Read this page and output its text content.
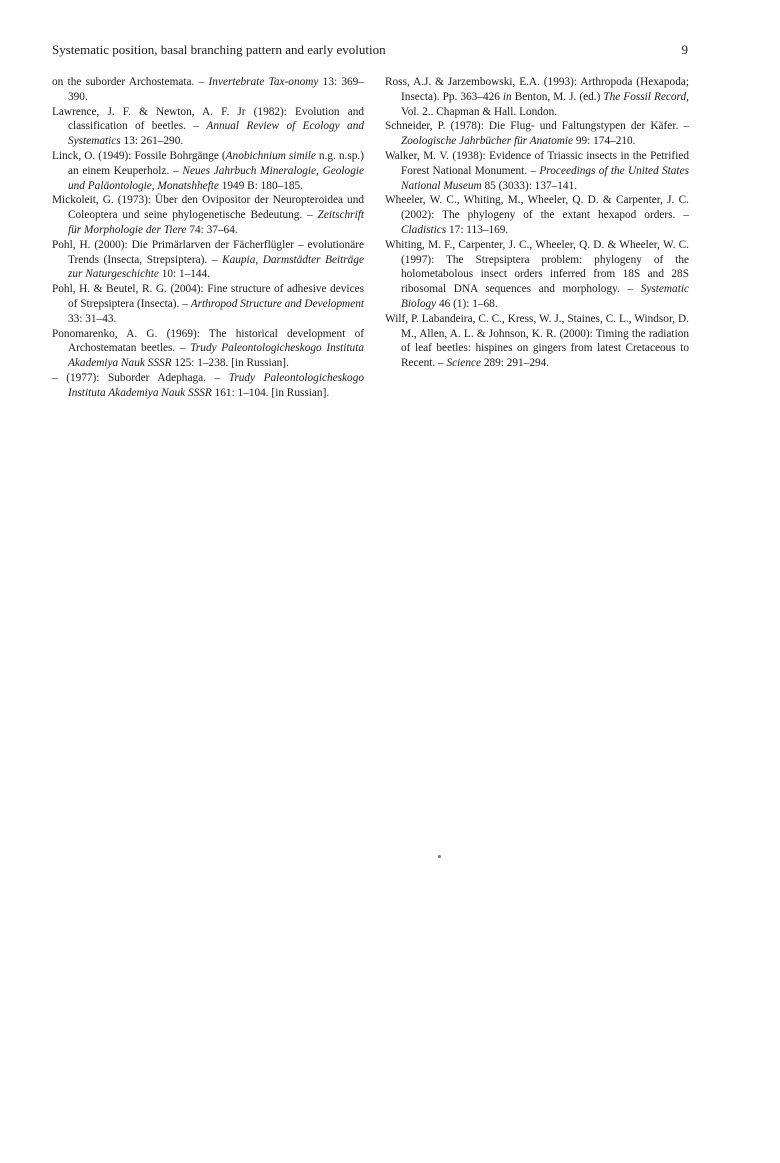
Systematic position, basal branching pattern and early evolution	9

on the suborder Archostemata. – Invertebrate Tax-onomy 13: 369–390.

Lawrence, J. F. & Newton, A. F. Jr (1982): Evolution and classification of beetles. – Annual Review of Ecology and Systematics 13: 261–290.

Linck, O. (1949): Fossile Bohrgänge (Anobichnium simile n.g. n.sp.) an einem Keuperholz. – Neues Jahrbuch Mineralogie, Geologie und Paläontologie, Monatshhefte 1949 B: 180–185.

Mickoleit, G. (1973): Über den Ovipositor der Neuropteroidea und Coleoptera und seine phylogenetische Bedeutung. – Zeitschrift für Morphologie der Tiere 74: 37–64.

Pohl, H. (2000): Die Primärlarven der Fächerflügler – evolutionäre Trends (Insecta, Strepsiptera). – Kaupia, Darmstädter Beiträge zur Naturgeschichte 10: 1–144.

Pohl, H. & Beutel, R. G. (2004): Fine structure of adhesive devices of Strepsiptera (Insecta). – Arthropod Structure and Development 33: 31–43.

Ponomarenko, A. G. (1969): The historical development of Archostematan beetles. – Trudy Paleontologicheskogo Instituta Akademiya Nauk SSSR 125: 1–238. [in Russian].

– (1977): Suborder Adephaga. – Trudy Paleontologicheskogo Instituta Akademiya Nauk SSSR 161: 1–104. [in Russian].

Ross, A.J. & Jarzembowski, E.A. (1993): Arthropoda (Hexapoda; Insecta). Pp. 363–426 in Benton, M. J. (ed.) The Fossil Record, Vol. 2.. Chapman & Hall. London.

Schneider, P. (1978): Die Flug- und Faltungstypen der Käfer. – Zoologische Jahrbücher für Anatomie 99: 174–210.

Walker, M. V. (1938): Evidence of Triassic insects in the Petrified Forest National Monument. – Proceedings of the United States National Museum 85 (3033): 137–141.

Wheeler, W. C., Whiting, M., Wheeler, Q. D. & Carpenter, J. C. (2002): The phylogeny of the extant hexapod orders. – Cladistics 17: 113–169.

Whiting, M. F., Carpenter, J. C., Wheeler, Q. D. & Wheeler, W. C. (1997): The Strepsiptera problem: phylogeny of the holometabolous insect orders inferred from 18S and 28S ribosomal DNA sequences and morphology. – Systematic Biology 46 (1): 1–68.

Wilf, P. Labandeira, C. C., Kress, W. J., Staines, C. L., Windsor, D. M., Allen, A. L. & Johnson, K. R. (2000): Timing the radiation of leaf beetles: hispines on gingers from latest Cretaceous to Recent. – Science 289: 291–294.
